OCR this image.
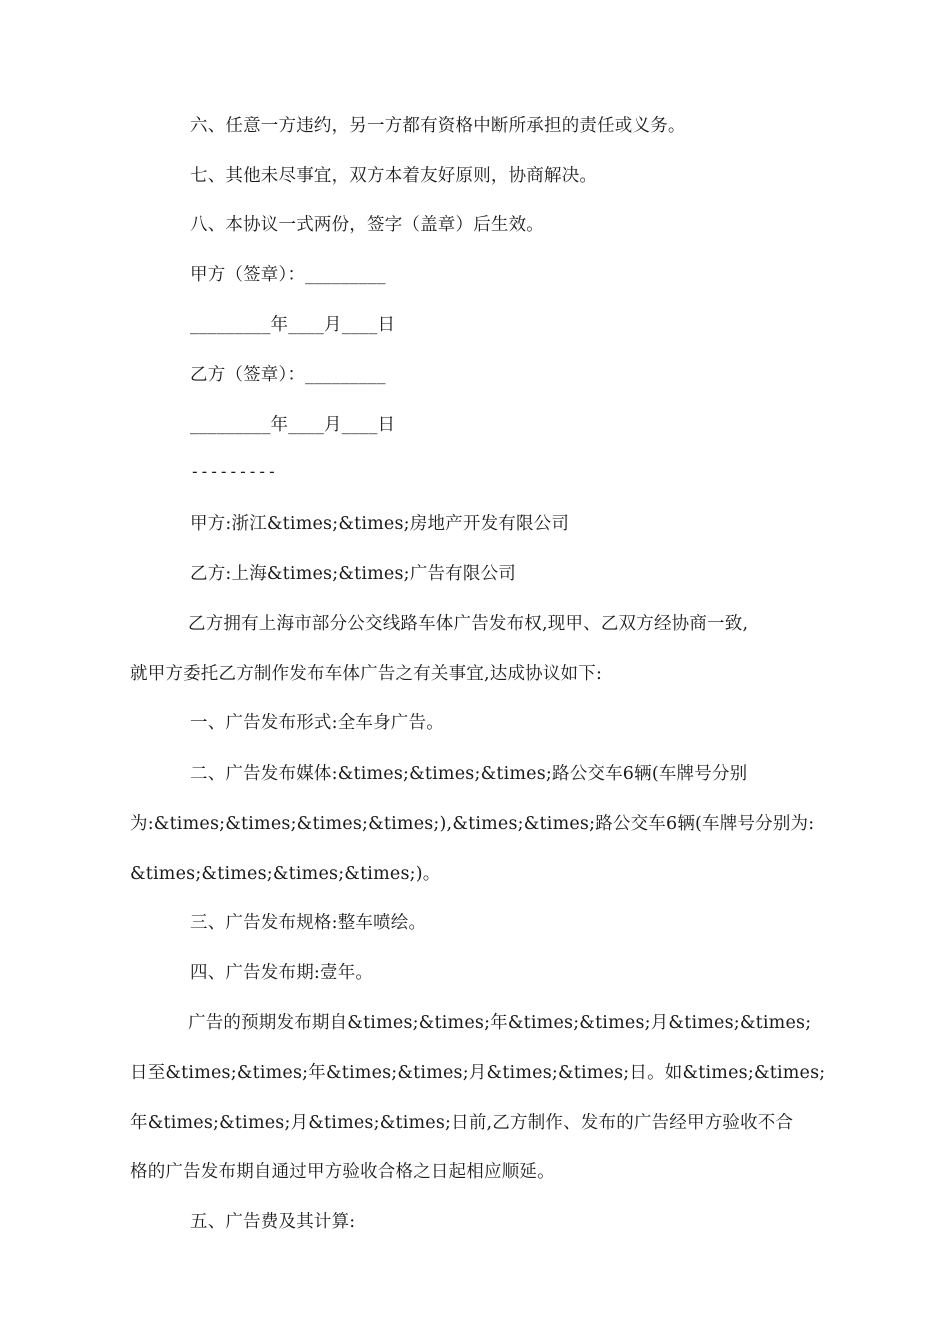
六、任意一方违约，另一方都有资格中断所承担的责任或义务。
七、其他未尽事宜，双方本着友好原则，协商解决。
八、本协议一式两份，签字（盖章）后生效。
甲方（签章）：_________
_________年____月____日
乙方（签章）：_________
_________年____月____日
---------
甲方:浙江&times;&times;房地产开发有限公司
乙方:上海&times;&times;广告有限公司
乙方拥有上海市部分公交线路车体广告发布权,现甲、乙双方经协商一致,
就甲方委托乙方制作发布车体广告之有关事宜,达成协议如下:
一、广告发布形式:全车身广告。
二、广告发布媒体:&times;&times;&times;路公交车6辆(车牌号分别
为:&times;&times;&times;&times;),&times;&times;路公交车6辆(车牌号分别为:
&times;&times;&times;&times;)。
三、广告发布规格:整车喷绘。
四、广告发布期:壹年。
广告的预期发布期自&times;&times;年&times;&times;月&times;&times;
日至&times;&times;年&times;&times;月&times;&times;日。如&times;&times;
年&times;&times;月&times;&times;日前,乙方制作、发布的广告经甲方验收不合
格的广告发布期自通过甲方验收合格之日起相应顺延。
五、广告费及其计算:
